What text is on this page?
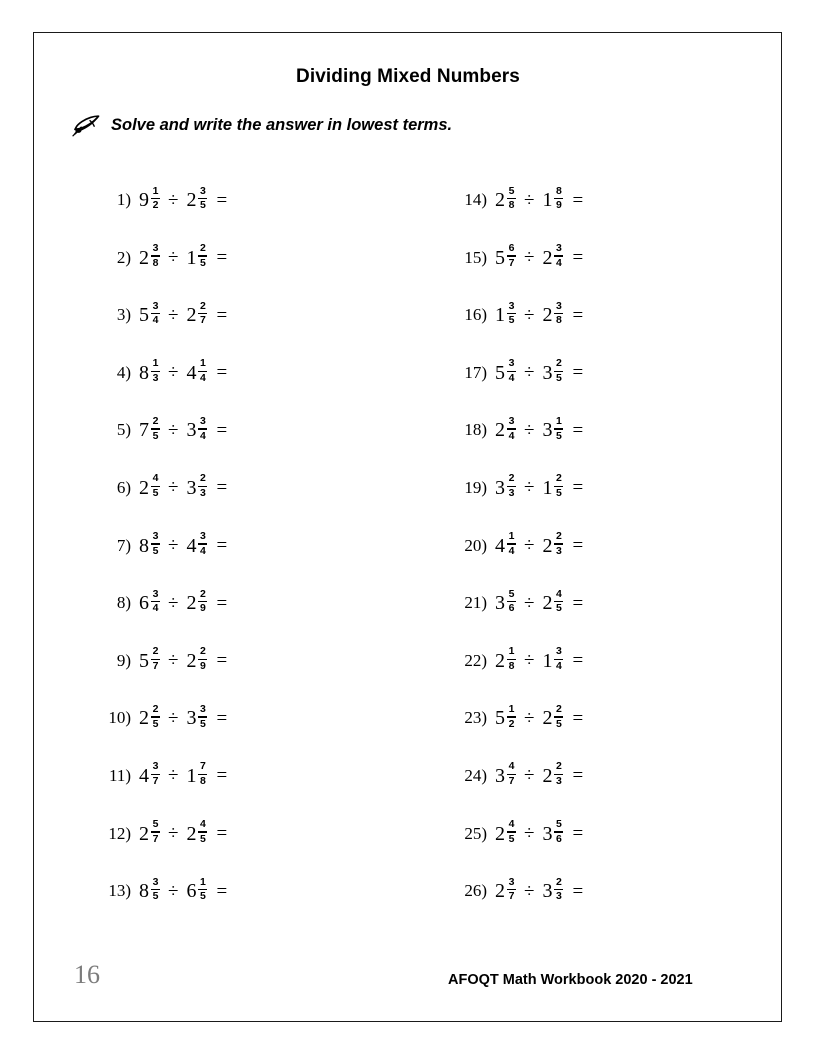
Dividing Mixed Numbers
Solve and write the answer in lowest terms.
1) $9 \frac{1}{2} \div 2 \frac{3}{5}$ =
2) $2 \frac{3}{8} \div 1 \frac{2}{5}$ =
3) $5 \frac{3}{4} \div 2 \frac{2}{7}$ =
4) $8 \frac{1}{3} \div 4 \frac{1}{4}$ =
5) $7 \frac{2}{5} \div 3 \frac{3}{4}$ =
6) $2 \frac{4}{5} \div 3 \frac{2}{3}$ =
7) $8 \frac{3}{5} \div 4 \frac{3}{4}$ =
8) $6 \frac{3}{4} \div 2 \frac{2}{9}$ =
9) $5 \frac{2}{7} \div 2 \frac{2}{9}$ =
10) $2 \frac{2}{5} \div 3 \frac{3}{5}$ =
11) $4 \frac{3}{7} \div 1 \frac{7}{8}$ =
12) $2 \frac{5}{7} \div 2 \frac{4}{5}$ =
13) $8 \frac{3}{5} \div 6 \frac{1}{5}$ =
14) $2 \frac{5}{8} \div 1 \frac{8}{9}$ =
15) $5 \frac{6}{7} \div 2 \frac{3}{4}$ =
16) $1 \frac{3}{5} \div 2 \frac{3}{8}$ =
17) $5 \frac{3}{4} \div 3 \frac{2}{5}$ =
18) $2 \frac{3}{4} \div 3 \frac{1}{5}$ =
19) $3 \frac{2}{3} \div 1 \frac{2}{5}$ =
20) $4 \frac{1}{4} \div 2 \frac{2}{3}$ =
21) $3 \frac{5}{6} \div 2 \frac{4}{5}$ =
22) $2 \frac{1}{8} \div 1 \frac{3}{4}$ =
23) $5 \frac{1}{2} \div 2 \frac{2}{5}$ =
24) $3 \frac{4}{7} \div 2 \frac{2}{3}$ =
25) $2 \frac{4}{5} \div 3 \frac{5}{6}$ =
26) $2 \frac{3}{7} \div 3 \frac{2}{3}$ =
16	AFOQT Math Workbook 2020 - 2021
